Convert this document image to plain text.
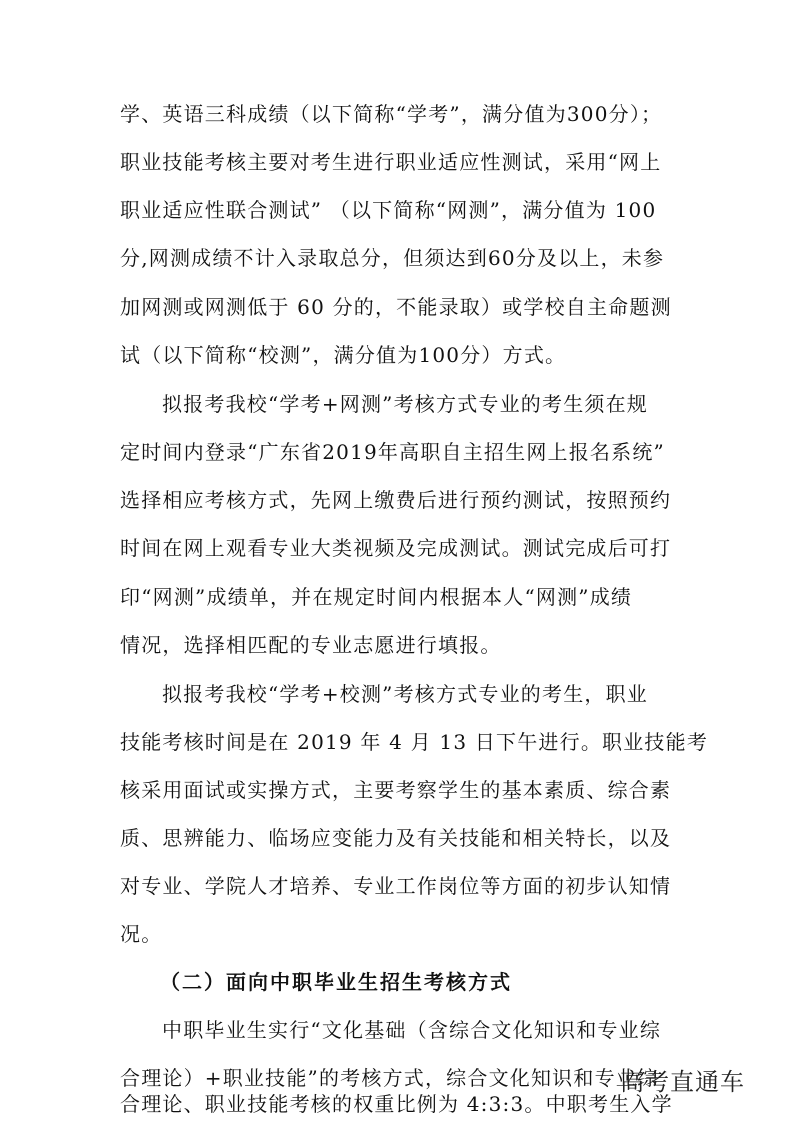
学、英语三科成绩（以下简称“学考”，满分值为300分）；
职业技能考核主要对考生进行职业适应性测试，采用“网上
职业适应性联合测试” （以下简称“网测”，满分值为 100
分,网测成绩不计入录取总分，但须达到60分及以上，未参
加网测或网测低于 60 分的，不能录取）或学校自主命题测
试（以下简称“校测”，满分值为100分）方式。
拟报考我校“学考+网测”考核方式专业的考生须在规
定时间内登录“广东省2019年高职自主招生网上报名系统”
选择相应考核方式，先网上缴费后进行预约测试，按照预约
时间在网上观看专业大类视频及完成测试。测试完成后可打
印“网测”成绩单，并在规定时间内根据本人“网测”成绩
情况，选择相匹配的专业志愿进行填报。
拟报考我校“学考+校测”考核方式专业的考生，职业
技能考核时间是在 2019 年 4 月 13 日下午进行。职业技能考
核采用面试或实操方式，主要考察学生的基本素质、综合素
质、思辨能力、临场应变能力及有关技能和相关特长，以及
对专业、学院人才培养、专业工作岗位等方面的初步认知情
况。
（二）面向中职毕业生招生考核方式
中职毕业生实行“文化基础（含综合文化知识和专业综
合理论）+职业技能”的考核方式，综合文化知识和专业综
合理论、职业技能考核的权重比例为 4:3:3。中职考生入学
高考直通车
